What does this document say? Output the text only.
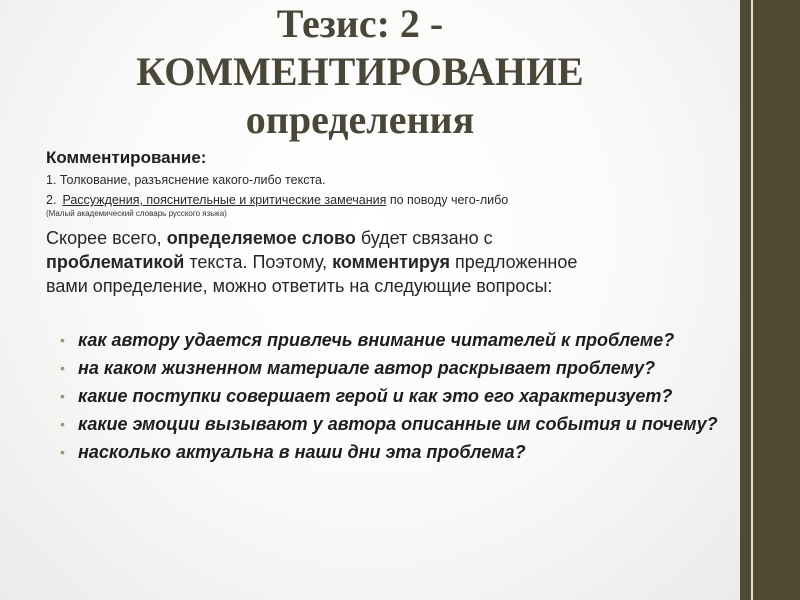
Тезис: 2 -
КОММЕНТИРОВАНИЕ
определения
Комментирование:
1. Толкование, разъяснение какого-либо текста.
2. Рассуждения, пояснительные и критические замечания по поводу чего-либо
(Малый академический словарь русского языка)
Скорее всего, определяемое слово будет связано с проблематикой текста. Поэтому, комментируя предложенное вами определение, можно ответить на следующие вопросы:
• как автору удается привлечь внимание читателей к проблеме?
• на каком жизненном материале автор раскрывает проблему?
• какие поступки совершает герой и как это его характеризует?
• какие эмоции вызывают у автора описанные им события и почему?
• насколько актуальна в наши дни эта проблема?
